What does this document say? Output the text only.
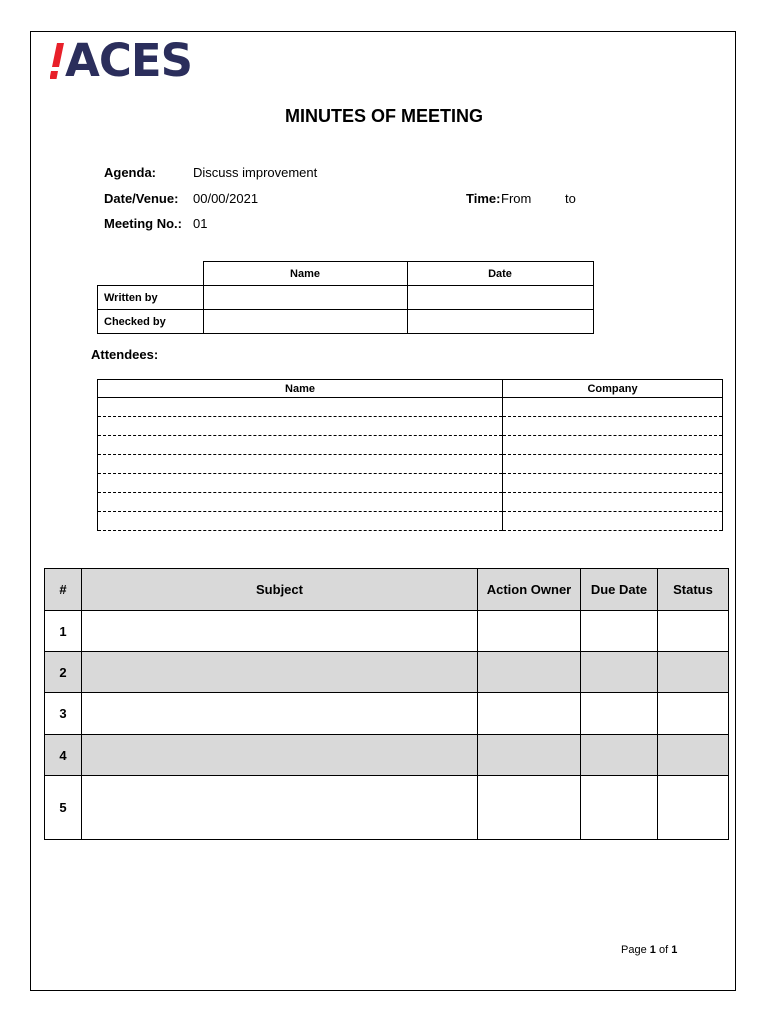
ACES
MINUTES OF MEETING
Agenda:	Discuss improvement
Date/Venue: 00/00/2021	Time: From	to
Meeting No.: 01
	Name	Date
Written by		
Checked by		
Attendees:
Name	Company

#	Subject	Action Owner	Due Date	Status
1				
2				
3				
4				
5				
Page 1 of 1
